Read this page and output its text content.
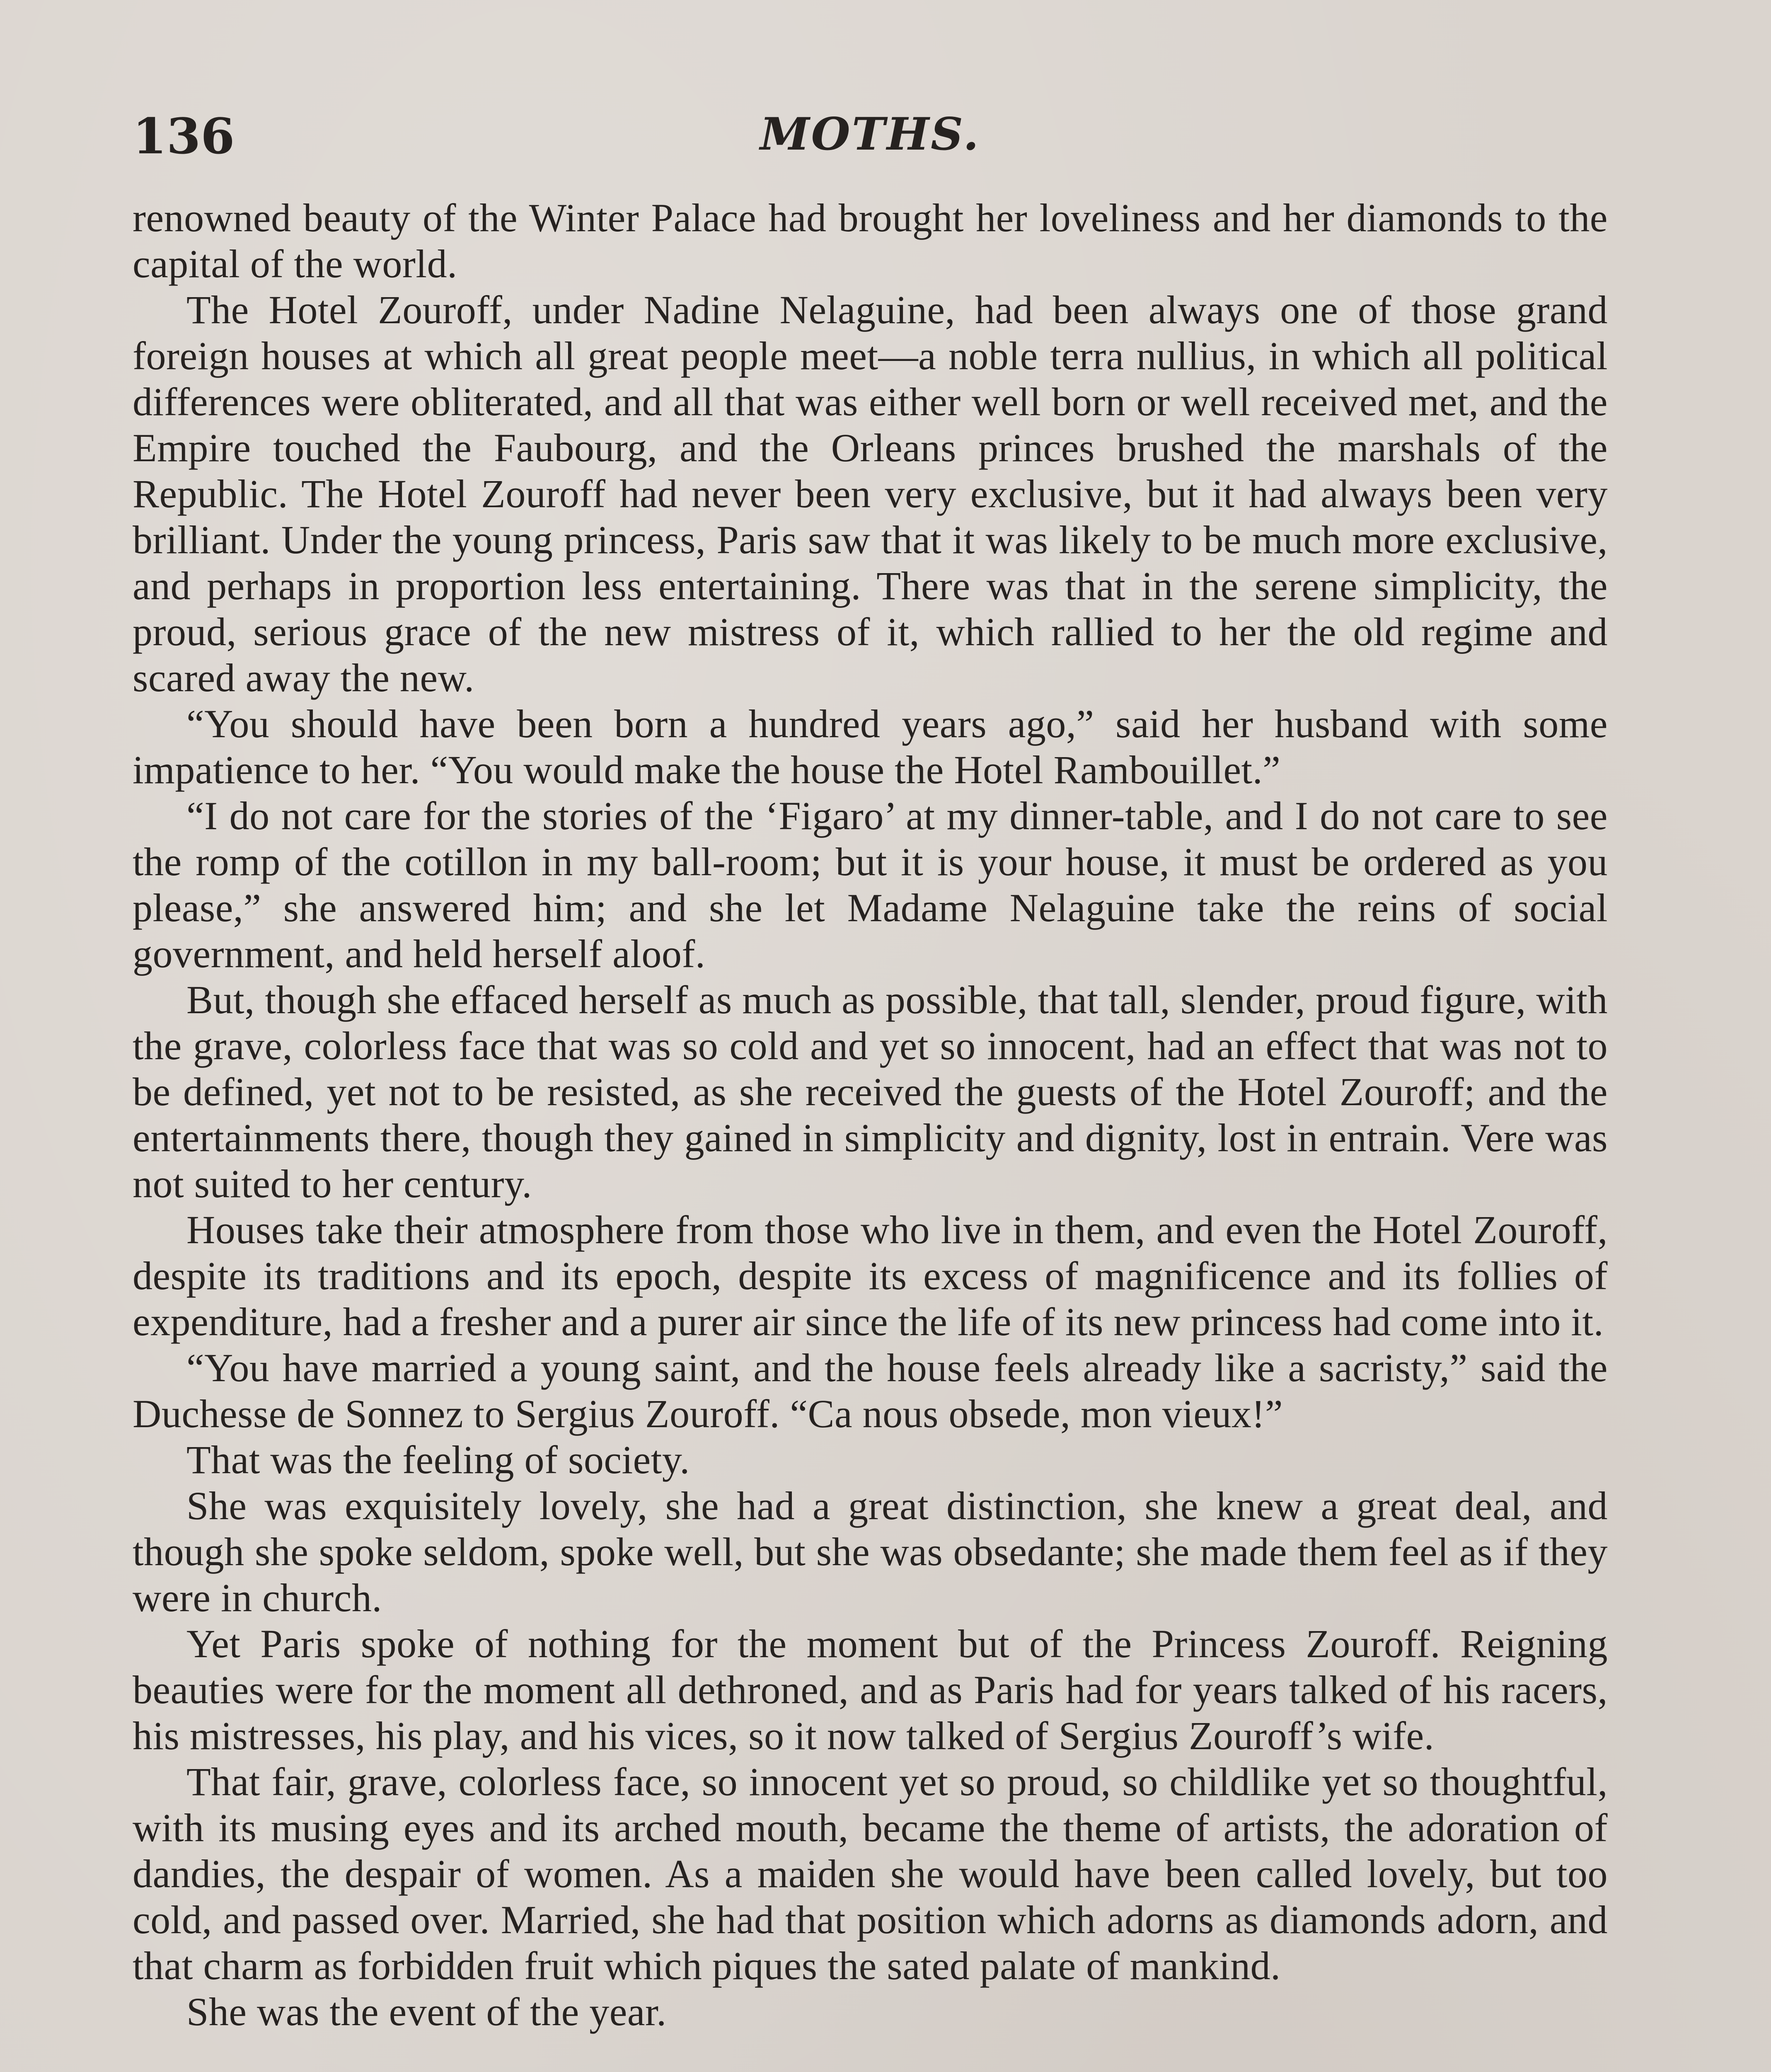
136	MOTHS.

renowned beauty of the Winter Palace had brought her loveliness and her diamonds to the capital of the world.

The Hotel Zouroff, under Nadine Nelaguine, had been always one of those grand foreign houses at which all great people meet—a noble terra nullius, in which all political differences were obliterated, and all that was either well born or well received met, and the Empire touched the Faubourg, and the Orleans princes brushed the marshals of the Republic. The Hotel Zouroff had never been very exclusive, but it had always been very brilliant. Under the young princess, Paris saw that it was likely to be much more exclusive, and perhaps in proportion less entertaining. There was that in the serene simplicity, the proud, serious grace of the new mistress of it, which rallied to her the old regime and scared away the new.

“You should have been born a hundred years ago,” said her husband with some impatience to her. “You would make the house the Hotel Rambouillet.”

“I do not care for the stories of the ‘Figaro’ at my dinner-table, and I do not care to see the romp of the cotillon in my ball-room; but it is your house, it must be ordered as you please,” she answered him; and she let Madame Nelaguine take the reins of social government, and held herself aloof.

But, though she effaced herself as much as possible, that tall, slender, proud figure, with the grave, colorless face that was so cold and yet so innocent, had an effect that was not to be defined, yet not to be resisted, as she received the guests of the Hotel Zouroff; and the entertainments there, though they gained in simplicity and dignity, lost in entrain. Vere was not suited to her century.

Houses take their atmosphere from those who live in them, and even the Hotel Zouroff, despite its traditions and its epoch, despite its excess of magnificence and its follies of expenditure, had a fresher and a purer air since the life of its new princess had come into it.

“You have married a young saint, and the house feels already like a sacristy,” said the Duchesse de Sonnez to Sergius Zouroff. “Ca nous obsede, mon vieux!”

That was the feeling of society.

She was exquisitely lovely, she had a great distinction, she knew a great deal, and though she spoke seldom, spoke well, but she was obsedante; she made them feel as if they were in church.

Yet Paris spoke of nothing for the moment but of the Princess Zouroff. Reigning beauties were for the moment all dethroned, and as Paris had for years talked of his racers, his mistresses, his play, and his vices, so it now talked of Sergius Zouroff’s wife.

That fair, grave, colorless face, so innocent yet so proud, so childlike yet so thoughtful, with its musing eyes and its arched mouth, became the theme of artists, the adoration of dandies, the despair of women. As a maiden she would have been called lovely, but too cold, and passed over. Married, she had that position which adorns as diamonds adorn, and that charm as forbidden fruit which piques the sated palate of mankind.

She was the event of the year.
